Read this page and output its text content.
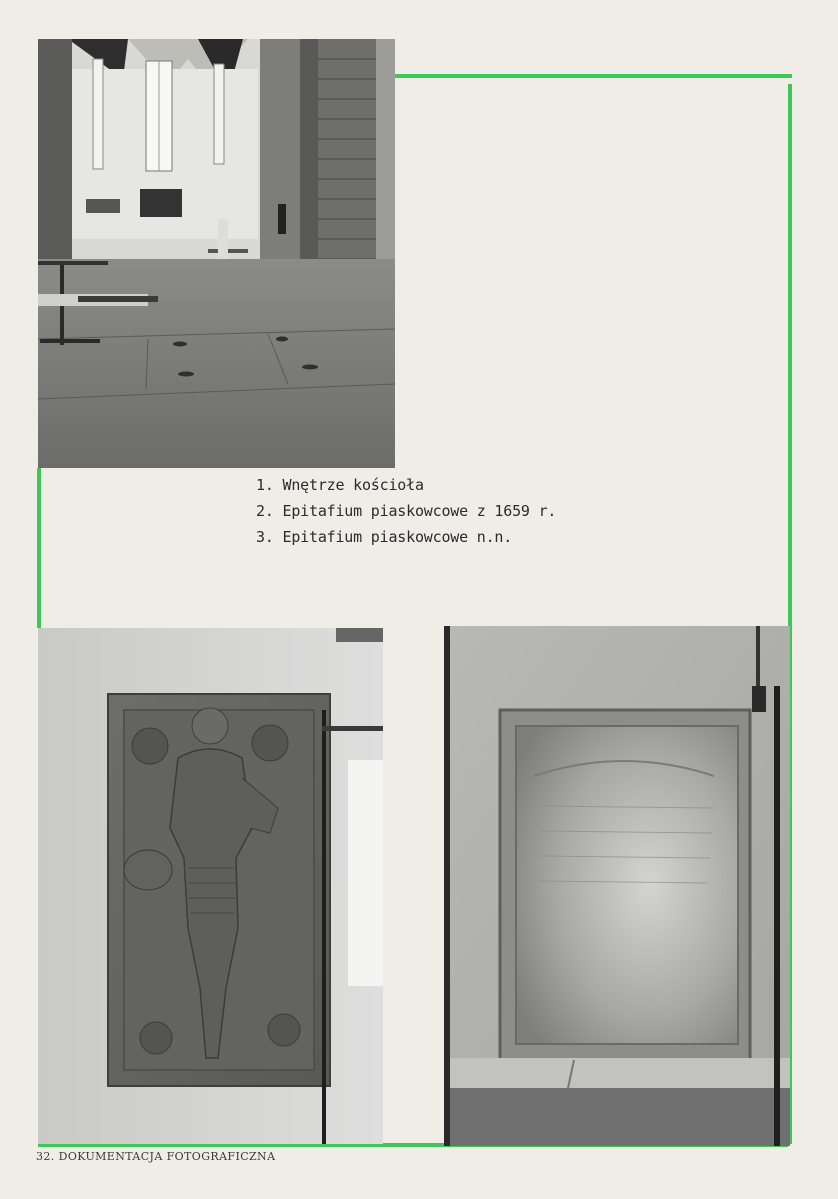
1. Wnętrze kościoła
2. Epitafium piaskowcowe z 1659 r.
3. Epitafium piaskowcowe n.n.
32. DOKUMENTACJA FOTOGRAFICZNA
